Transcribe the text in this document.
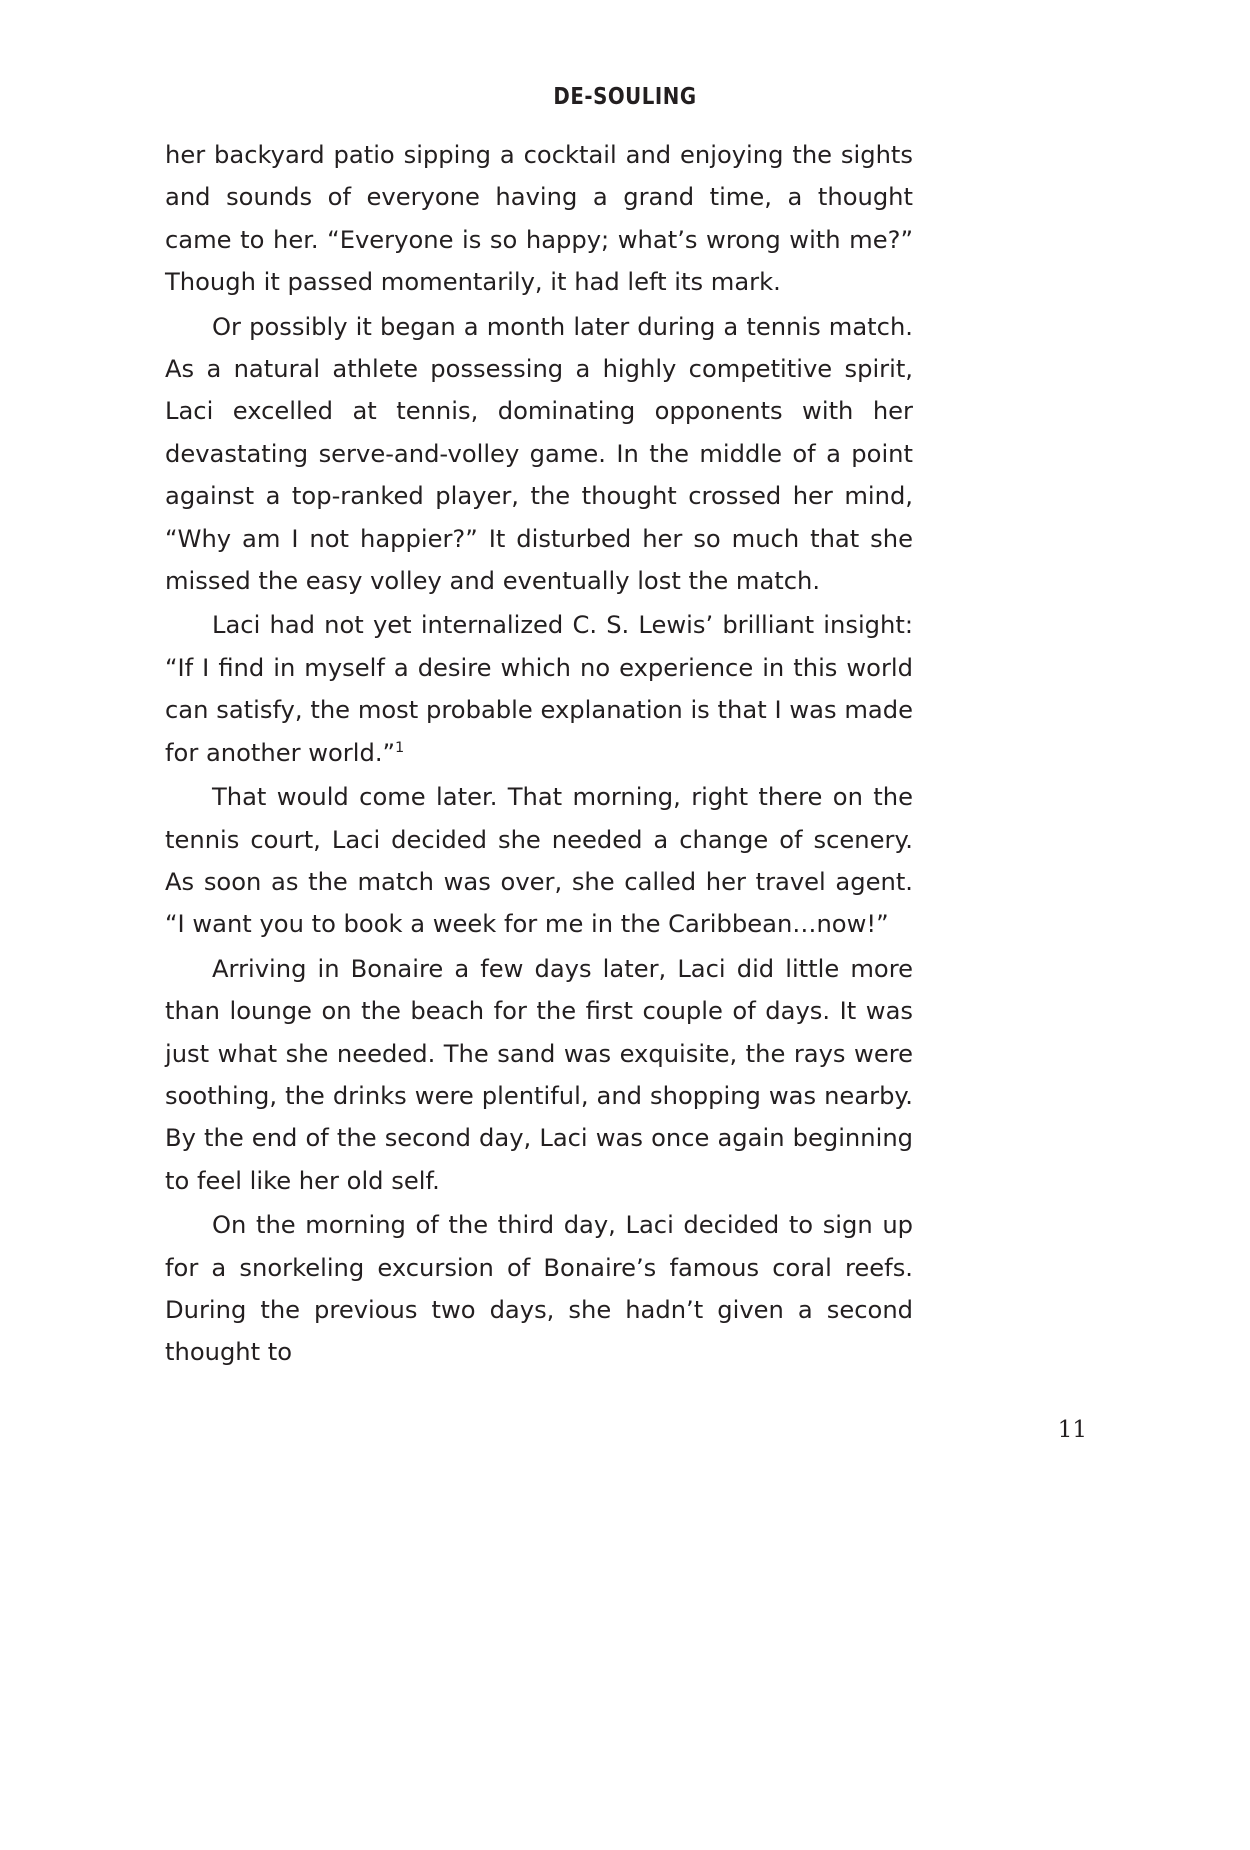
DE-SOULING

her backyard patio sipping a cocktail and enjoying the sights and sounds of everyone having a grand time, a thought came to her. “Everyone is so happy; what’s wrong with me?” Though it passed momentarily, it had left its mark.

Or possibly it began a month later during a tennis match. As a natural athlete possessing a highly competitive spirit, Laci excelled at tennis, dominating opponents with her devastating serve-and-volley game. In the middle of a point against a top-ranked player, the thought crossed her mind, “Why am I not happier?” It disturbed her so much that she missed the easy volley and eventually lost the match.

Laci had not yet internalized C. S. Lewis’ brilliant insight: “If I find in myself a desire which no experience in this world can satisfy, the most probable explanation is that I was made for another world.”$^1$

That would come later. That morning, right there on the tennis court, Laci decided she needed a change of scenery. As soon as the match was over, she called her travel agent. “I want you to book a week for me in the Caribbean…now!”

Arriving in Bonaire a few days later, Laci did little more than lounge on the beach for the first couple of days. It was just what she needed. The sand was exquisite, the rays were soothing, the drinks were plentiful, and shopping was nearby. By the end of the second day, Laci was once again beginning to feel like her old self.

On the morning of the third day, Laci decided to sign up for a snorkeling excursion of Bonaire’s famous coral reefs. During the previous two days, she hadn’t given a second thought to

11
